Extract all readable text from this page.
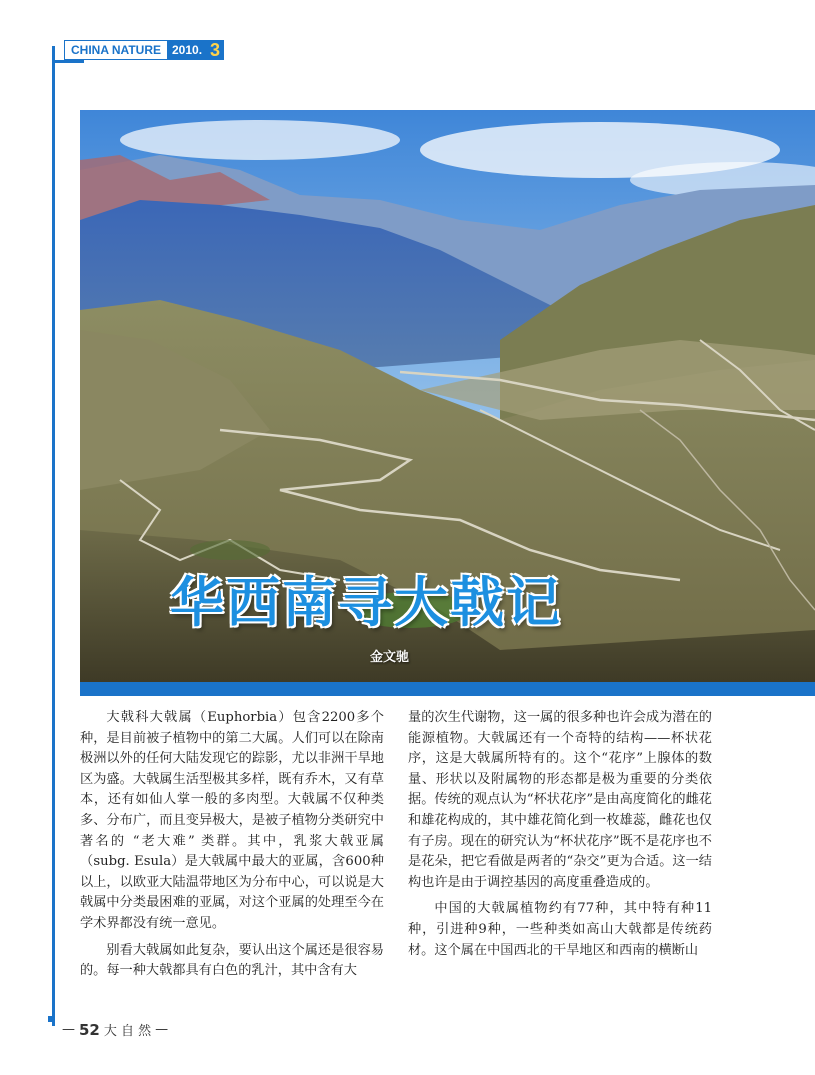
CHINA NATURE 2010. 3
华西南寻大戟记
金文驰

大戟科大戟属（Euphorbia）包含2200多个种，是目前被子植物中的第二大属。人们可以在除南极洲以外的任何大陆发现它的踪影，尤以非洲干旱地区为盛。大戟属生活型极其多样，既有乔木，又有草本，还有如仙人掌一般的多肉型。大戟属不仅种类多、分布广，而且变异极大，是被子植物分类研究中著名的 “老大难” 类群。其中，乳浆大戟亚属（subg. Esula）是大戟属中最大的亚属，含600种以上，以欧亚大陆温带地区为分布中心，可以说是大戟属中分类最困难的亚属，对这个亚属的处理至今在学术界都没有统一意见。

别看大戟属如此复杂，要认出这个属还是很容易的。每一种大戟都具有白色的乳汁，其中含有大

量的次生代谢物，这一属的很多种也许会成为潜在的能源植物。大戟属还有一个奇特的结构——杯状花序，这是大戟属所特有的。这个“花序”上腺体的数量、形状以及附属物的形态都是极为重要的分类依据。传统的观点认为“杯状花序”是由高度简化的雌花和雄花构成的，其中雄花简化到一枚雄蕊，雌花也仅有子房。现在的研究认为“杯状花序”既不是花序也不是花朵，把它看做是两者的“杂交”更为合适。这一结构也许是由于调控基因的高度重叠造成的。

中国的大戟属植物约有77种，其中特有种11种，引进种9种，一些种类如高山大戟都是传统药材。这个属在中国西北的干旱地区和西南的横断山

— 52 大 自 然 —
